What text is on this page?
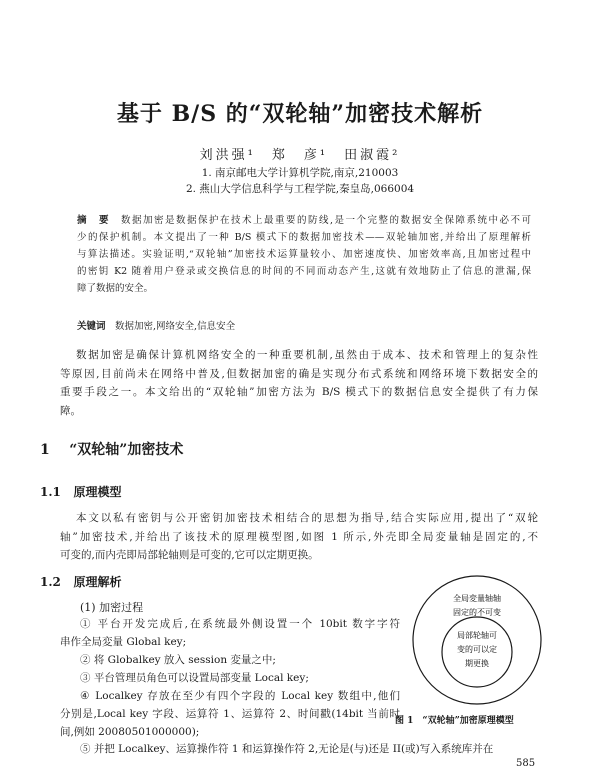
基于 B/S 的“双轮轴”加密技术解析
刘洪强¹　郑　彦¹　田淑霞²
1. 南京邮电大学计算机学院,南京,210003
2. 燕山大学信息科学与工程学院,秦皇岛,066004
摘　要　 数据加密是数据保护在技术上最重要的防线,是一个完整的数据安全保障系统中必不可
少的保护机制。本文提出了一种 B/S 模式下的数据加密技术——双轮轴加密,并给出了原理解析
与算法描述。实验证明,“双轮轴”加密技术运算量较小、加密速度快、加密效率高,且加密过程中
的密钥 K2 随着用户登录或交换信息的时间的不同而动态产生,这就有效地防止了信息的泄漏,保
障了数据的安全。
关键词　 数据加密,网络安全,信息安全
数据加密是确保计算机网络安全的一种重要机制,虽然由于成本、技术和管理上的复杂性
等原因,目前尚未在网络中普及,但数据加密的确是实现分布式系统和网络环境下数据安全的
重要手段之一。本文给出的“双轮轴”加密方法为 B/S 模式下的数据信息安全提供了有力保
障。
1 “双轮轴”加密技术
1.1 原理模型
本文以私有密钥与公开密钥加密技术相结合的思想为指导,结合实际应用,提出了“双轮
轴”加密技术,并给出了该技术的原理模型图,如图 1 所示,外壳即全局変量轴是固定的,不
可变的,而内壳即局部轮轴则是可变的,它可以定期更换。
1.2 原理解析
(1) 加密过程
① 平台开发完成后,在系统最外侧设置一个 10bit 数字字符
串作全局変量 Global key;
② 将 Globalkey 放入 session 変量之中;
③ 平台管理员角色可以设置局部变量 Local key;
④ Localkey 存放在至少有四个字段的 Local key 数组中,他们
分别是,Local key 字段、运算符 1、运算符 2、时间戳(14bit 当前时
间,例如 20080501000000);
⑤ 并把 Localkey、运算操作符 1 和运算操作符 2,无论是(与)还是 II(或)写入系统库并在
全局変量轴轴
固定的不可变
局部轮轴可
变的可以定
期更换
图 1　“双轮轴”加密原理模型
585
